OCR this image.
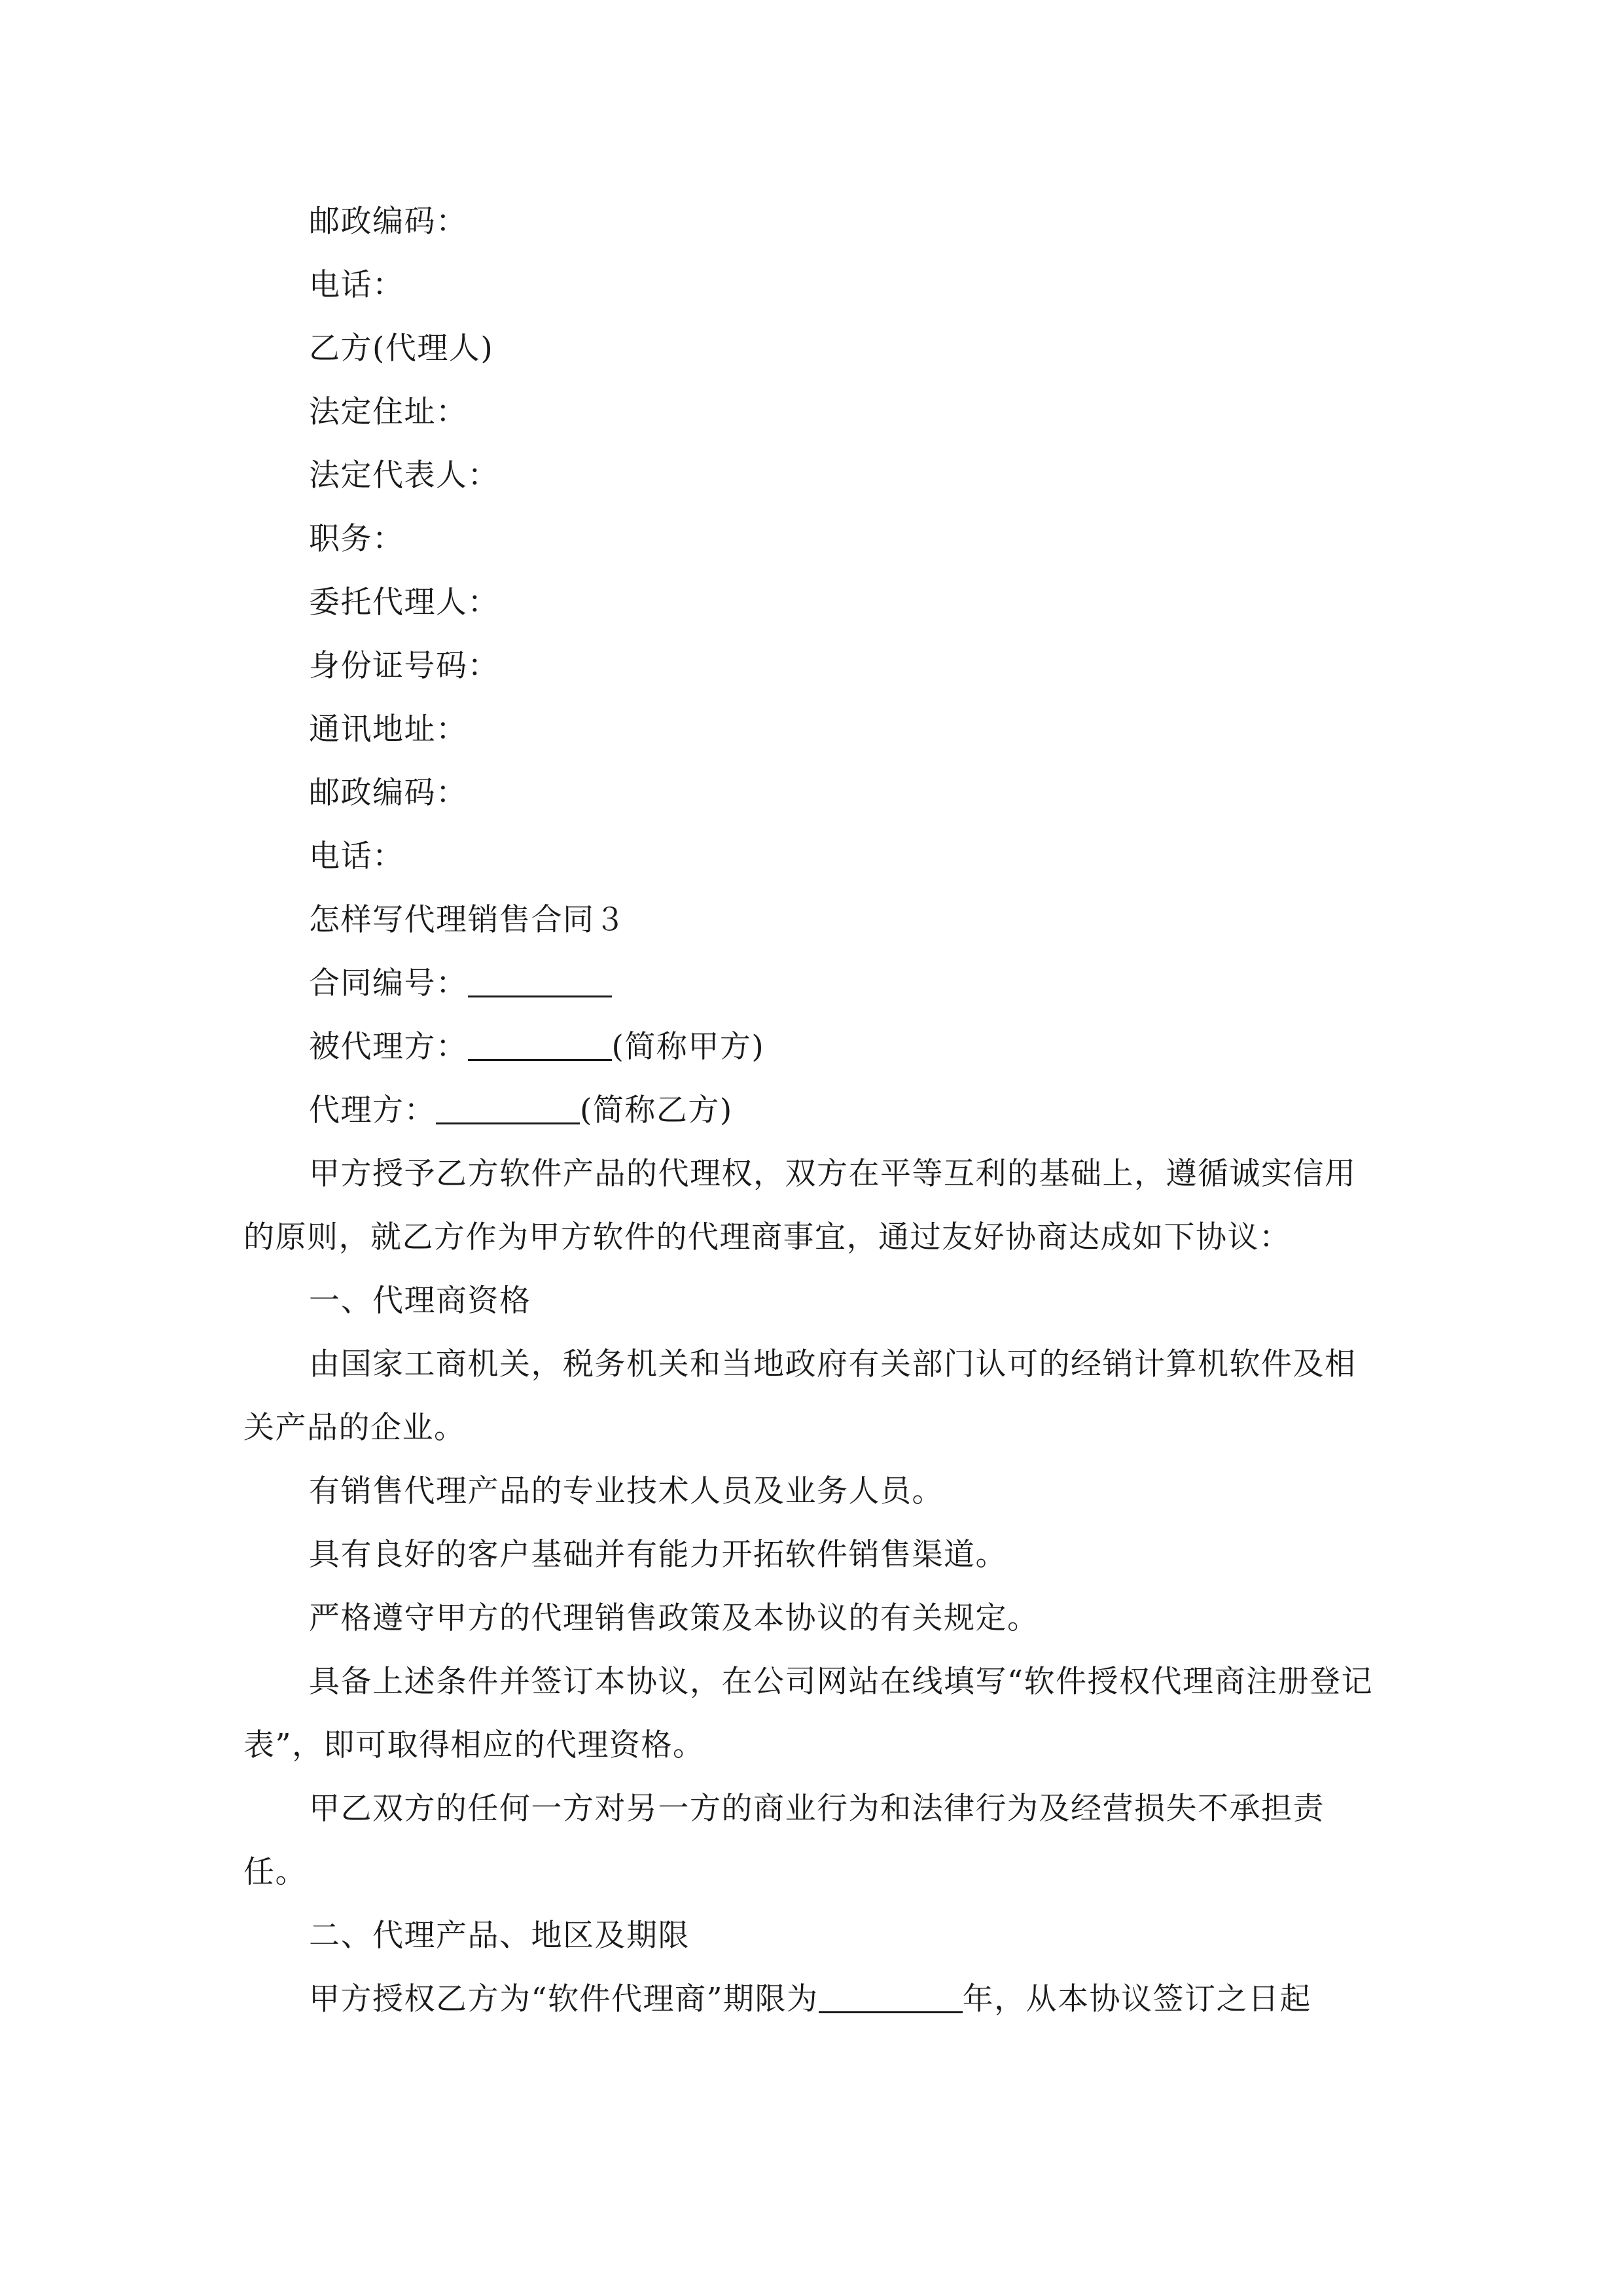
邮政编码：
电话：
乙方(代理人)
法定住址：
法定代表人：
职务：
委托代理人：
身份证号码：
通讯地址：
邮政编码：
电话：
怎样写代理销售合同３
合同编号：
被代理方：	(简称甲方)
代理方：	(简称乙方)

甲方授予乙方软件产品的代理权，双方在平等互利的基础上，遵循诚实信用的原则，就乙方作为甲方软件的代理商事宜，通过友好协商达成如下协议：

一、代理商资格

由国家工商机关，税务机关和当地政府有关部门认可的经销计算机软件及相关产品的企业。

有销售代理产品的专业技术人员及业务人员。

具有良好的客户基础并有能力开拓软件销售渠道。

严格遵守甲方的代理销售政策及本协议的有关规定。

具备上述条件并签订本协议，在公司网站在线填写“软件授权代理商注册登记表”，即可取得相应的代理资格。

甲乙双方的任何一方对另一方的商业行为和法律行为及经营损失不承担责任。

二、代理产品、地区及期限

甲方授权乙方为“软件代理商”期限为	年，从本协议签订之日起
